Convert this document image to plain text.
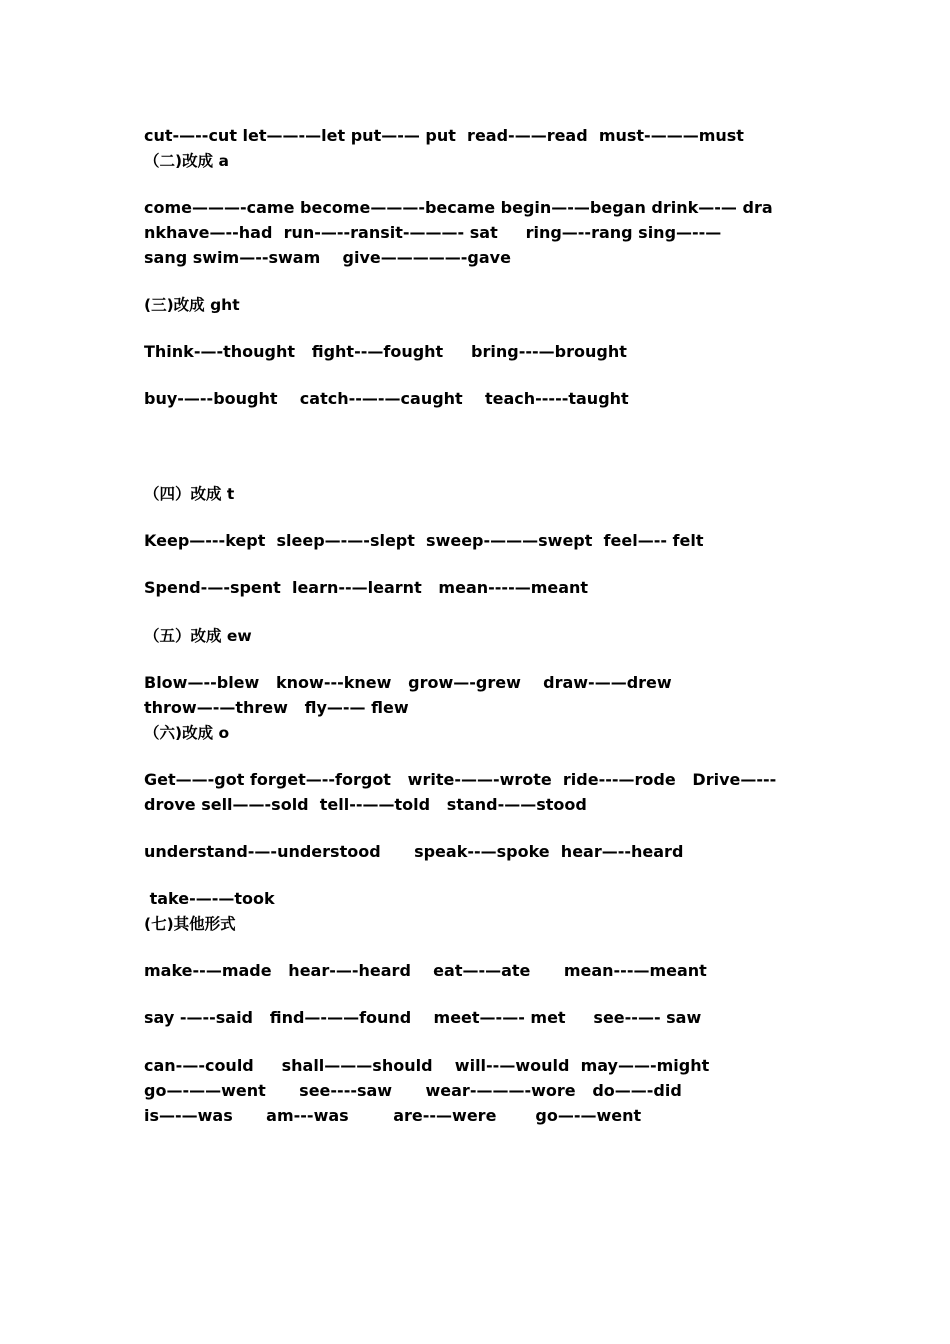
cut-—--cut let——-—let put—-— put  read-——read  must-———must

（二)改成 a

come———-came become———-became begin—-—began drink—-— dra

nkhave—--had  run-—--ransit-———- sat     ring—--rang sing—--—

sang swim—--swam    give—————-gave

(三)改成 ght

Think-—-thought   fight--—fought     bring---—brought

buy-—--bought    catch--—-—caught    teach-----taught

（四）改成 t

Keep—---kept  sleep—-—-slept  sweep-———swept  feel—-- felt

Spend-—-spent  learn--—learnt   mean----—meant

（五）改成 ew

Blow—--blew   know---knew   grow—-grew    draw-——drew

throw—-—threw   fly—-— flew

（六)改成 o

Get——-got forget—--forgot   write-——-wrote  ride---—rode   Drive—---

drove sell——-sold  tell--——told   stand-——stood

understand-—-understood      speak--—spoke  hear—--heard

take-—-—took

(七)其他形式

make--—made   hear-—-heard    eat—-—ate      mean---—meant

say -—--said   find—-——found    meet—-—- met     see--—- saw

can-—-could     shall———should    will--—would  may——-might

go—-——went      see----saw      wear-———-wore   do——-did

is—-—was      am---was        are--—were       go—-—went
